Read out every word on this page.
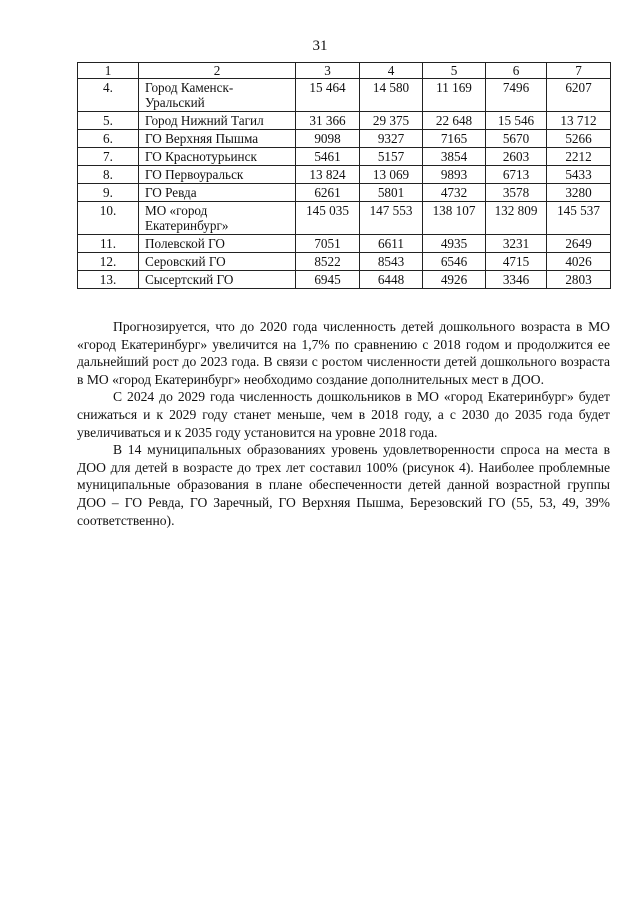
31
1	2	3	4	5	6	7
4.	Город Каменск-Уральский	15 464	14 580	11 169	7496	6207
5.	Город Нижний Тагил	31 366	29 375	22 648	15 546	13 712
6.	ГО Верхняя Пышма	9098	9327	7165	5670	5266
7.	ГО Краснотурьинск	5461	5157	3854	2603	2212
8.	ГО Первоуральск	13 824	13 069	9893	6713	5433
9.	ГО Ревда	6261	5801	4732	3578	3280
10.	МО «город Екатеринбург»	145 035	147 553	138 107	132 809	145 537
11.	Полевской ГО	7051	6611	4935	3231	2649
12.	Серовский ГО	8522	8543	6546	4715	4026
13.	Сысертский ГО	6945	6448	4926	3346	2803

Прогнозируется, что до 2020 года численность детей дошкольного возраста в МО «город Екатеринбург» увеличится на 1,7% по сравнению с 2018 годом и продолжится ее дальнейший рост до 2023 года. В связи с ростом численности детей дошкольного возраста в МО «город Екатеринбург» необходимо создание дополнительных мест в ДОО.

С 2024 до 2029 года численность дошкольников в МО «город Екатеринбург» будет снижаться и к 2029 году станет меньше, чем в 2018 году, а с 2030 до 2035 года будет увеличиваться и к 2035 году установится на уровне 2018 года.

В 14 муниципальных образованиях уровень удовлетворенности спроса на места в ДОО для детей в возрасте до трех лет составил 100% (рисунок 4). Наиболее проблемные муниципальные образования в плане обеспеченности детей данной возрастной группы ДОО – ГО Ревда, ГО Заречный, ГО Верхняя Пышма, Березовский ГО (55, 53, 49, 39% соответственно).
